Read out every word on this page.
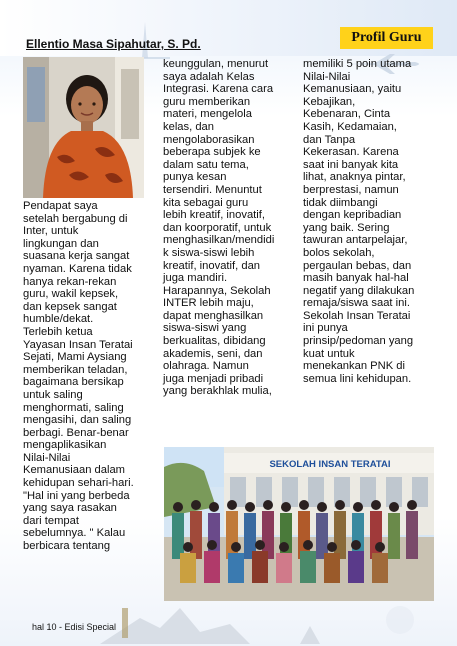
Ellentio Masa Sipahutar, S. Pd.	Profil Guru

Pendapat saya

setelah bergabung di

Inter, untuk

lingkungan dan

suasana kerja sangat

nyaman. Karena tidak

hanya rekan-rekan

guru, wakil kepsek,

dan kepsek sangat

humble/dekat.

Terlebih ketua

Yayasan Insan Teratai

Sejati, Mami Aysiang

memberikan teladan,

bagaimana bersikap

untuk saling

menghormati, saling

mengasihi, dan saling

berbagi. Benar-benar

mengaplikasikan

Nilai-Nilai

Kemanusiaan dalam

kehidupan sehari-hari.

"Hal ini yang berbeda

yang saya rasakan

dari tempat

sebelumnya. " Kalau

berbicara tentang

keunggulan, menurut

saya adalah Kelas

Integrasi. Karena cara

guru memberikan

materi, mengelola

kelas, dan

mengolaborasikan

beberapa subjek ke

dalam satu tema,

punya kesan

tersendiri. Menuntut

kita sebagai guru

lebih kreatif, inovatif,

dan koorporatif, untuk

menghasilkan/mendidi

k siswa-siswi lebih

kreatif, inovatif, dan

juga mandiri.

Harapannya, Sekolah

INTER lebih maju,

dapat menghasilkan

siswa-siswi yang

berkualitas, dibidang

akademis, seni, dan

olahraga. Namun

juga menjadi pribadi

yang berakhlak mulia,

memiliki 5 poin utama

Nilai-Nilai

Kemanusiaan, yaitu

Kebajikan,

Kebenaran, Cinta

Kasih, Kedamaian,

dan Tanpa

Kekerasan. Karena

saat ini banyak kita

lihat, anaknya pintar,

berprestasi, namun

tidak diimbangi

dengan kepribadian

yang baik. Sering

tawuran antarpelajar,

bolos sekolah,

pergaulan bebas, dan

masih banyak hal-hal

negatif yang dilakukan

remaja/siswa saat ini.

Sekolah Insan Teratai

ini punya

prinsip/pedoman yang

kuat untuk

menekankan PNK di

semua lini kehidupan.

SEKOLAH INSAN TERATAI
hal 10 - Edisi Special
